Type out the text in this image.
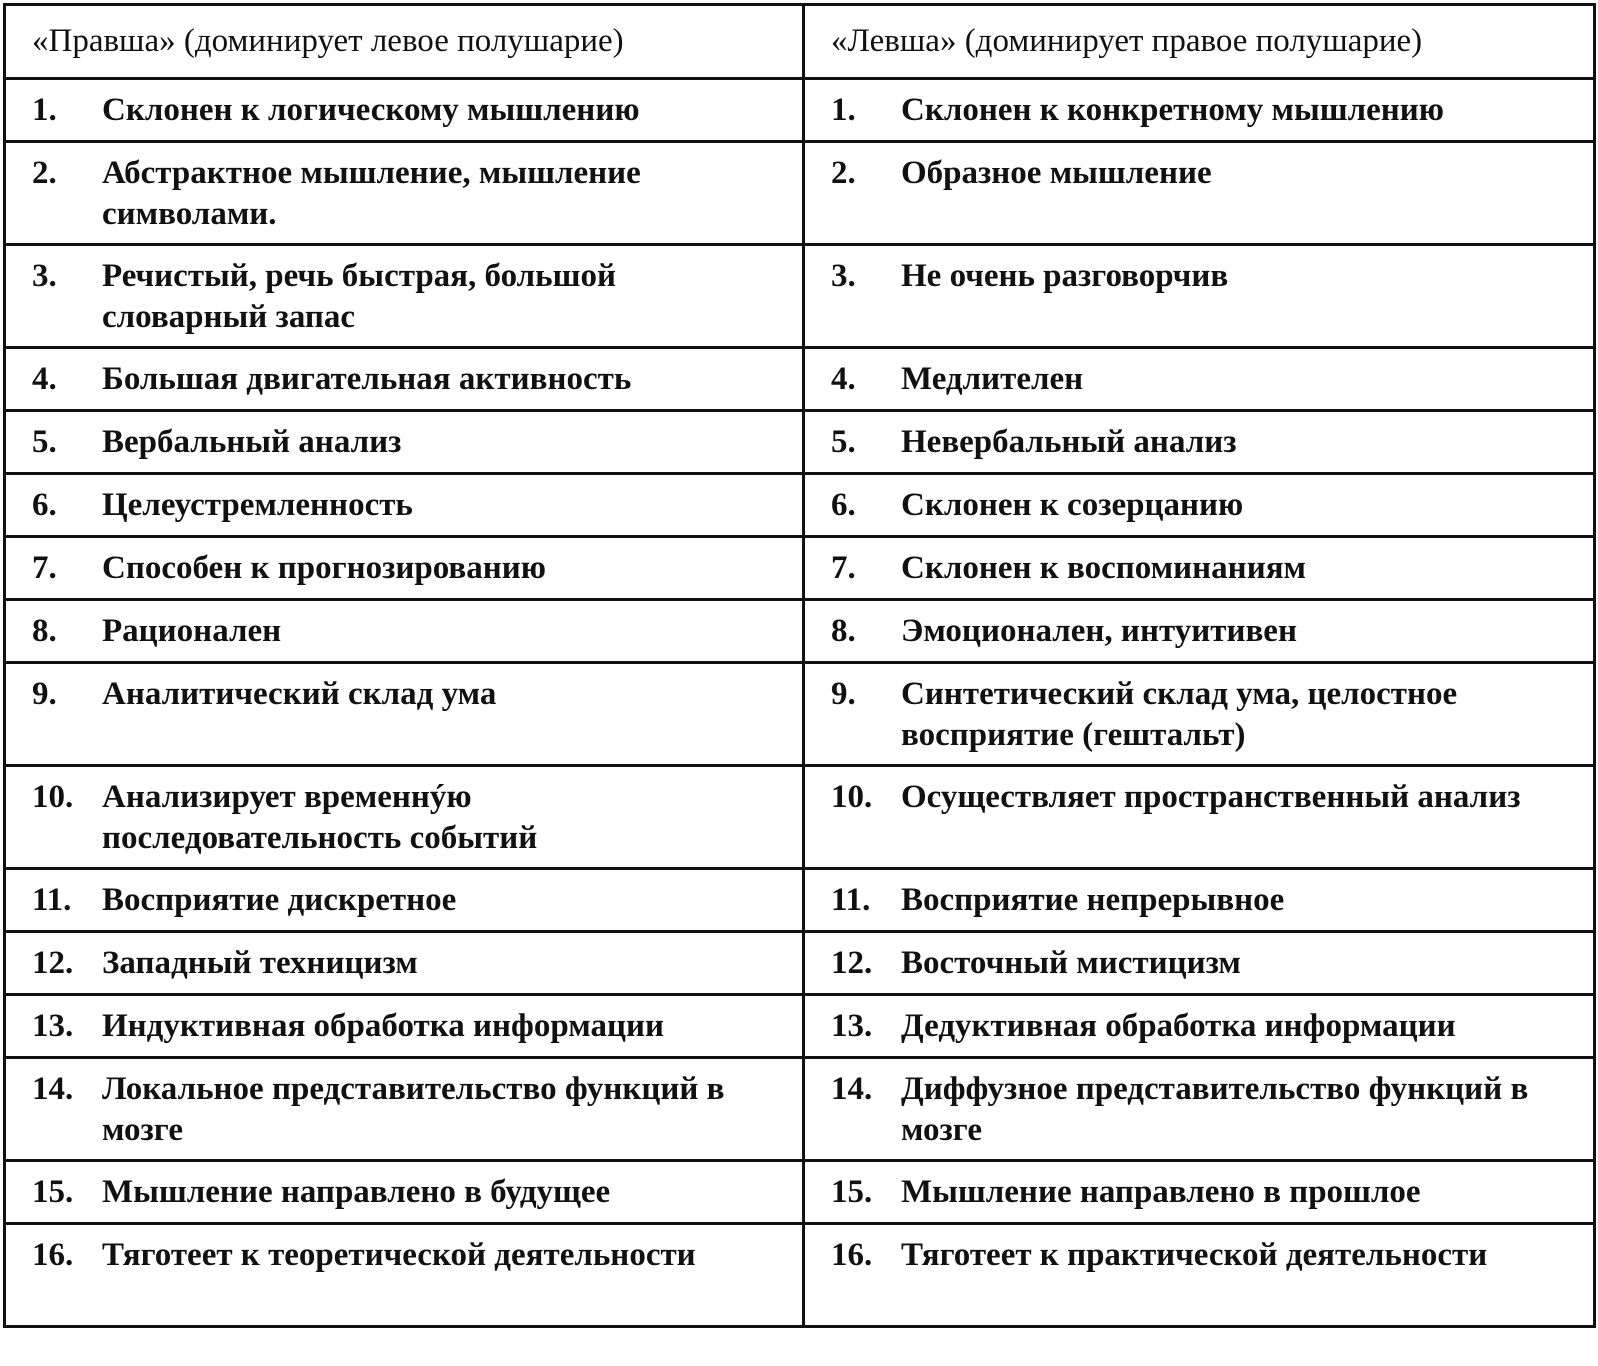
«Правша» (доминирует левое полушарие)	«Левша» (доминирует правое полушарие)

1. Склонен к логическому мышлению	1. Склонен к конкретному мышлению

2. Абстрактное мышление, мышление символами.	2. Образное мышление

3. Речистый, речь быстрая, большой словарный запас	3. Не очень разговорчив

4. Большая двигательная активность	4. Медлителен

5. Вербальный анализ	5. Невербальный анализ

6. Целеустремленность	6. Склонен к созерцанию

7. Способен к прогнозированию	7. Склонен к воспоминаниям

8. Рационален	8. Эмоционален, интуитивен

9. Аналитический склад ума	9. Синтетический склад ума, целостное восприятие (гештальт)

10. Анализирует временнýю последовательность событий	10. Осуществляет пространственный анализ

11. Восприятие дискретное	11. Восприятие непрерывное

12. Западный техницизм	12. Восточный мистицизм

13. Индуктивная обработка информации	13. Дедуктивная обработка информации

14. Локальное представительство функций в мозге	14. Диффузное представительство функций в мозге

15. Мышление направлено в будущее	15. Мышление направлено в прошлое

16. Тяготеет к теоретической деятельности	16. Тяготеет к практической деятельности
